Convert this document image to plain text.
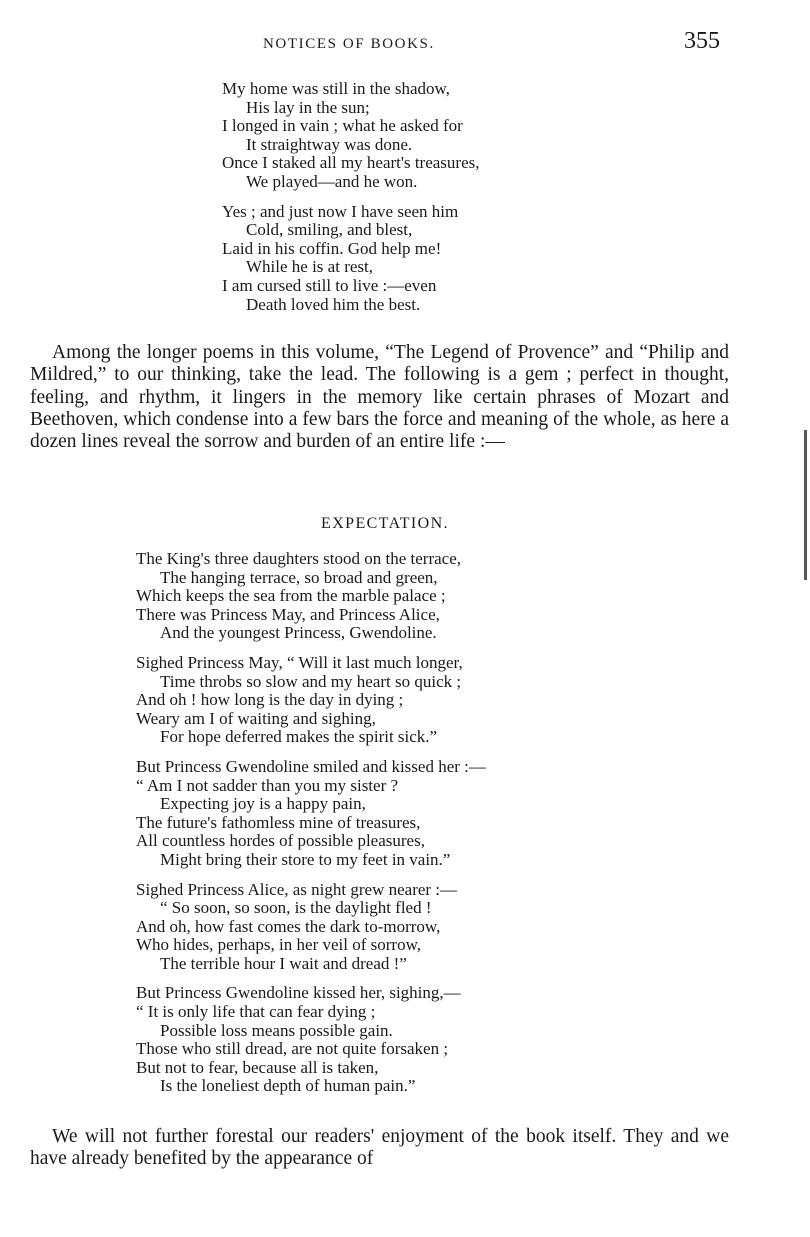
NOTICES OF BOOKS.	355
My home was still in the shadow,
His lay in the sun;
I longed in vain ; what he asked for
It straightway was done.
Once I staked all my heart's treasures,
We played—and he won.
Yes ; and just now I have seen him
Cold, smiling, and blest,
Laid in his coffin. God help me!
While he is at rest,
I am cursed still to live :—even
Death loved him the best.

Among the longer poems in this volume, “The Legend of Provence” and “Philip and Mildred,” to our thinking, take the lead. The following is a gem ; perfect in thought, feeling, and rhythm, it lingers in the memory like certain phrases of Mozart and Beethoven, which condense into a few bars the force and meaning of the whole, as here a dozen lines reveal the sorrow and burden of an entire life :—

EXPECTATION.
The King's three daughters stood on the terrace,
The hanging terrace, so broad and green,
Which keeps the sea from the marble palace ;
There was Princess May, and Princess Alice,
And the youngest Princess, Gwendoline.
Sighed Princess May, “ Will it last much longer,
Time throbs so slow and my heart so quick ;
And oh ! how long is the day in dying ;
Weary am I of waiting and sighing,
For hope deferred makes the spirit sick.”
But Princess Gwendoline smiled and kissed her :—
“ Am I not sadder than you my sister ?
Expecting joy is a happy pain,
The future's fathomless mine of treasures,
All countless hordes of possible pleasures,
Might bring their store to my feet in vain.”
Sighed Princess Alice, as night grew nearer :—
“ So soon, so soon, is the daylight fled !
And oh, how fast comes the dark to-morrow,
Who hides, perhaps, in her veil of sorrow,
The terrible hour I wait and dread !”
But Princess Gwendoline kissed her, sighing,—
“ It is only life that can fear dying ;
Possible loss means possible gain.
Those who still dread, are not quite forsaken ;
But not to fear, because all is taken,
Is the loneliest depth of human pain.”

We will not further forestal our readers' enjoyment of the book itself. They and we have already benefited by the appearance of
